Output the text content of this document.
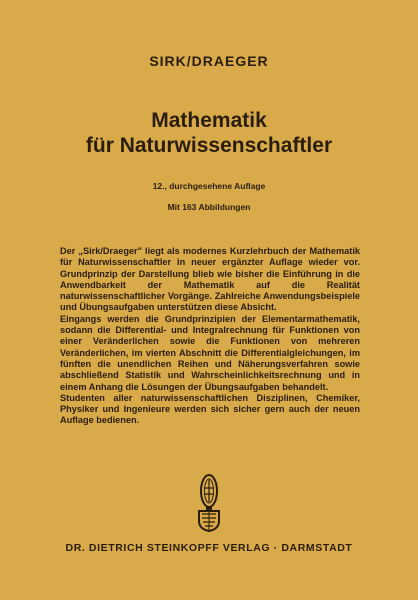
SIRK/DRAEGER
Mathematik
für Naturwissenschaftler
12., durchgesehene Auflage
Mit 163 Abbildungen

Der „Sirk/Draeger" liegt als modernes Kurzlehrbuch der Mathematik für Naturwissenschaftler in neuer ergänzter Auflage wieder vor. Grundprinzip der Darstellung blieb wie bisher die Einführung in die Anwendbarkeit der Mathematik auf die Realität naturwissenschaftlicher Vorgänge. Zahlreiche Anwendungsbeispiele und Übungsaufgaben unterstützen diese Absicht.

Eingangs werden die Grundprinzipien der Elementarmathematik, sodann die Differential- und Integralrechnung für Funktionen von einer Veränderlichen sowie die Funktionen von mehreren Veränderlichen, im vierten Abschnitt die Differentialgleichungen, im fünften die unendlichen Reihen und Näherungsverfahren sowie abschließend Statistik und Wahrscheinlichkeitsrechnung und in einem Anhang die Lösungen der Übungsaufgaben behandelt.

Studenten aller naturwissenschaftlichen Disziplinen, Chemiker, Physiker und Ingenieure werden sich sicher gern auch der neuen Auflage bedienen.

DR. DIETRICH STEINKOPFF VERLAG · DARMSTADT
